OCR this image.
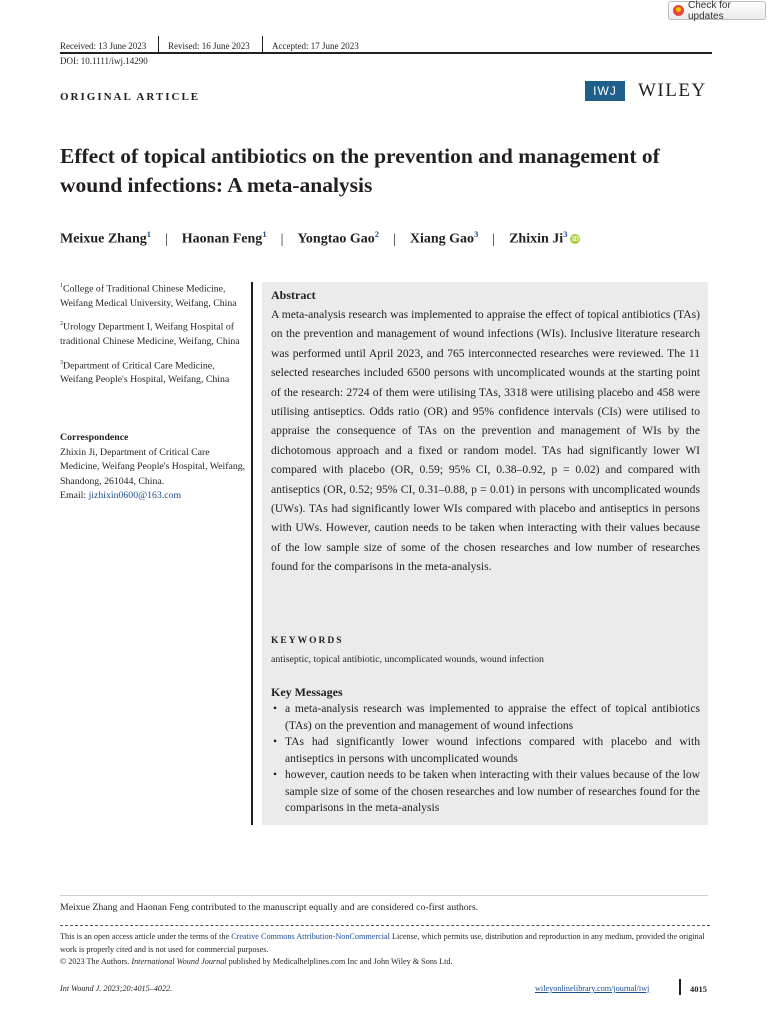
Check for updates
Received: 13 June 2023 Revised: 16 June 2023 Accepted: 17 June 2023
DOI: 10.1111/iwj.14290
ORIGINAL ARTICLE	IWJ	WILEY
Effect of topical antibiotics on the prevention and management of wound infections: A meta-analysis
Meixue Zhang$^1$ | Haonan Feng$^1$ | Yongtao Gao$^2$ | Xiang Gao$^3$ | Zhixin Ji$^3$iD
$^1$College of Traditional Chinese Medicine, Weifang Medical University, Weifang, China
$^2$Urology Department I, Weifang Hospital of traditional Chinese Medicine, Weifang, China
$^3$Department of Critical Care Medicine, Weifang People's Hospital, Weifang, China
Correspondence
Zhixin Ji, Department of Critical Care Medicine, Weifang People's Hospital, Weifang, Shandong, 261044, China.
Email: jizhixin0600@163.com
Abstract
A meta-analysis research was implemented to appraise the effect of topical antibiotics (TAs) on the prevention and management of wound infections (WIs). Inclusive literature research was performed until April 2023, and 765 interconnected researches were reviewed. The 11 selected researches included 6500 persons with uncomplicated wounds at the starting point of the research: 2724 of them were utilising TAs, 3318 were utilising placebo and 458 were utilising antiseptics. Odds ratio (OR) and 95% confidence intervals (CIs) were utilised to appraise the consequence of TAs on the prevention and management of WIs by the dichotomous approach and a fixed or random model. TAs had significantly lower WI compared with placebo (OR, 0.59; 95% CI, 0.38–0.92, p = 0.02) and compared with antiseptics (OR, 0.52; 95% CI, 0.31–0.88, p = 0.01) in persons with uncomplicated wounds (UWs). TAs had significantly lower WIs compared with placebo and antiseptics in persons with UWs. However, caution needs to be taken when interacting with their values because of the low sample size of some of the chosen researches and low number of researches found for the comparisons in the meta-analysis.
KEYWORDS
antiseptic, topical antibiotic, uncomplicated wounds, wound infection
Key Messages
• a meta-analysis research was implemented to appraise the effect of topical antibiotics (TAs) on the prevention and management of wound infections
• TAs had significantly lower wound infections compared with placebo and with antiseptics in persons with uncomplicated wounds
• however, caution needs to be taken when interacting with their values because of the low sample size of some of the chosen researches and low number of researches found for the comparisons in the meta-analysis
Meixue Zhang and Haonan Feng contributed to the manuscript equally and are considered co-first authors.
This is an open access article under the terms of the Creative Commons Attribution-NonCommercial License, which permits use, distribution and reproduction in any medium, provided the original work is properly cited and is not used for commercial purposes.
© 2023 The Authors. International Wound Journal published by Medicalhelplines.com Inc and John Wiley & Sons Ltd.
Int Wound J. 2023;20:4015–4022.	wileyonlinelibrary.com/journal/iwj	4015
